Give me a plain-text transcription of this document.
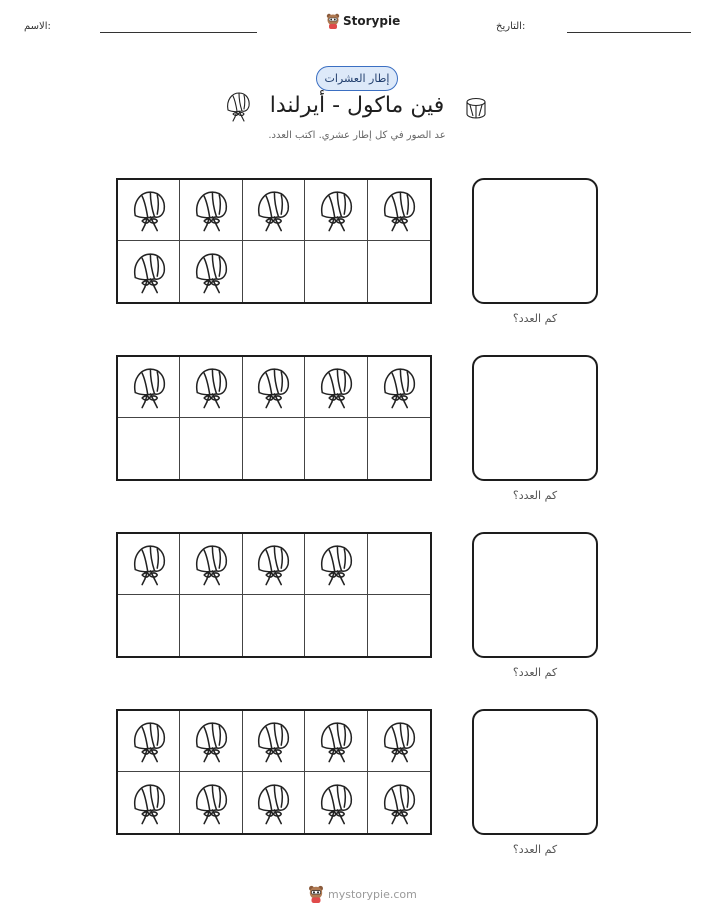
الاسم:	Storypie	التاريخ:
إطار العشرات
فين ماكول - أيرلندا
عد الصور في كل إطار عشري. اكتب العدد.
كم العدد؟
كم العدد؟
كم العدد؟
كم العدد؟
mystorypie.com
